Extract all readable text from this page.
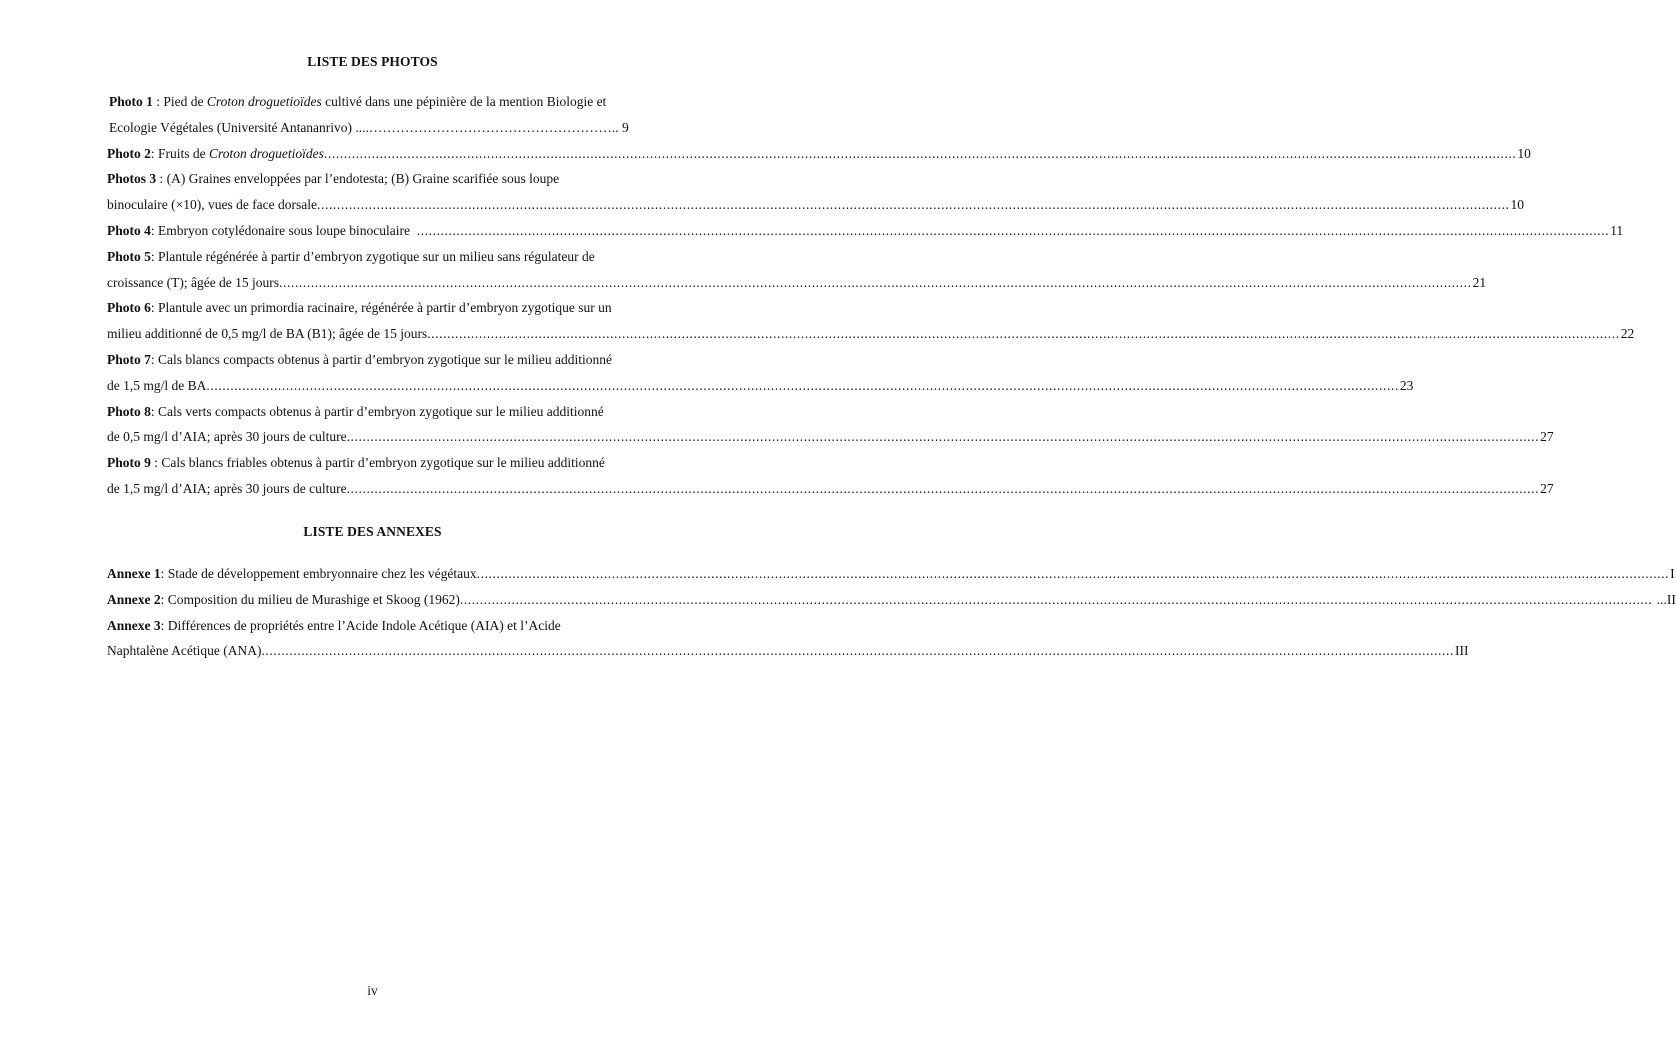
LISTE DES PHOTOS
Photo 1 : Pied de Croton droguetioïdes cultivé dans une pépinière de la mention Biologie et
Ecologie Végétales (Université Antananrivo) ....……………………………………………….. 9
Photo 2: Fruits de Croton droguetioïdes ............................................................................................................................................................................................................................................................................................................ 10
Photos 3 : (A) Graines enveloppées par l’endotesta; (B) Graine scarifiée sous loupe
binoculaire (×10), vues de face dorsale ............................................................................................................................................................................................................................................................................................................ 10
Photo 4: Embryon cotylédonaire sous loupe binoculaire ............................................................................................................................................................................................................................................................................................................ 11
Photo 5: Plantule régénérée à partir d’embryon zygotique sur un milieu sans régulateur de
croissance (T); âgée de 15 jours ............................................................................................................................................................................................................................................................................................................ 21
Photo 6: Plantule avec un primordia racinaire, régénérée à partir d’embryon zygotique sur un
milieu additionné de 0,5 mg/l de BA (B1); âgée de 15 jours ............................................................................................................................................................................................................................................................................................................ 22
Photo 7: Cals blancs compacts obtenus à partir d’embryon zygotique sur le milieu additionné
de 1,5 mg/l de BA ............................................................................................................................................................................................................................................................................................................ 23
Photo 8: Cals verts compacts obtenus à partir d’embryon zygotique sur le milieu additionné
de 0,5 mg/l d’AIA; après 30 jours de culture ............................................................................................................................................................................................................................................................................................................ 27
Photo 9 : Cals blancs friables obtenus à partir d’embryon zygotique sur le milieu additionné
de 1,5 mg/l d’AIA; après 30 jours de culture ............................................................................................................................................................................................................................................................................................................ 27
LISTE DES ANNEXES
Annexe 1: Stade de développement embryonnaire chez les végétaux ............................................................................................................................................................................................................................................................................................................ I
Annexe 2: Composition du milieu de Murashige et Skoog (1962) ............................................................................................................................................................................................................................................................................................................ ...II
Annexe 3: Différences de propriétés entre l’Acide Indole Acétique (AIA) et l’Acide
Naphtalène Acétique (ANA) ............................................................................................................................................................................................................................................................................................................ III
iv
